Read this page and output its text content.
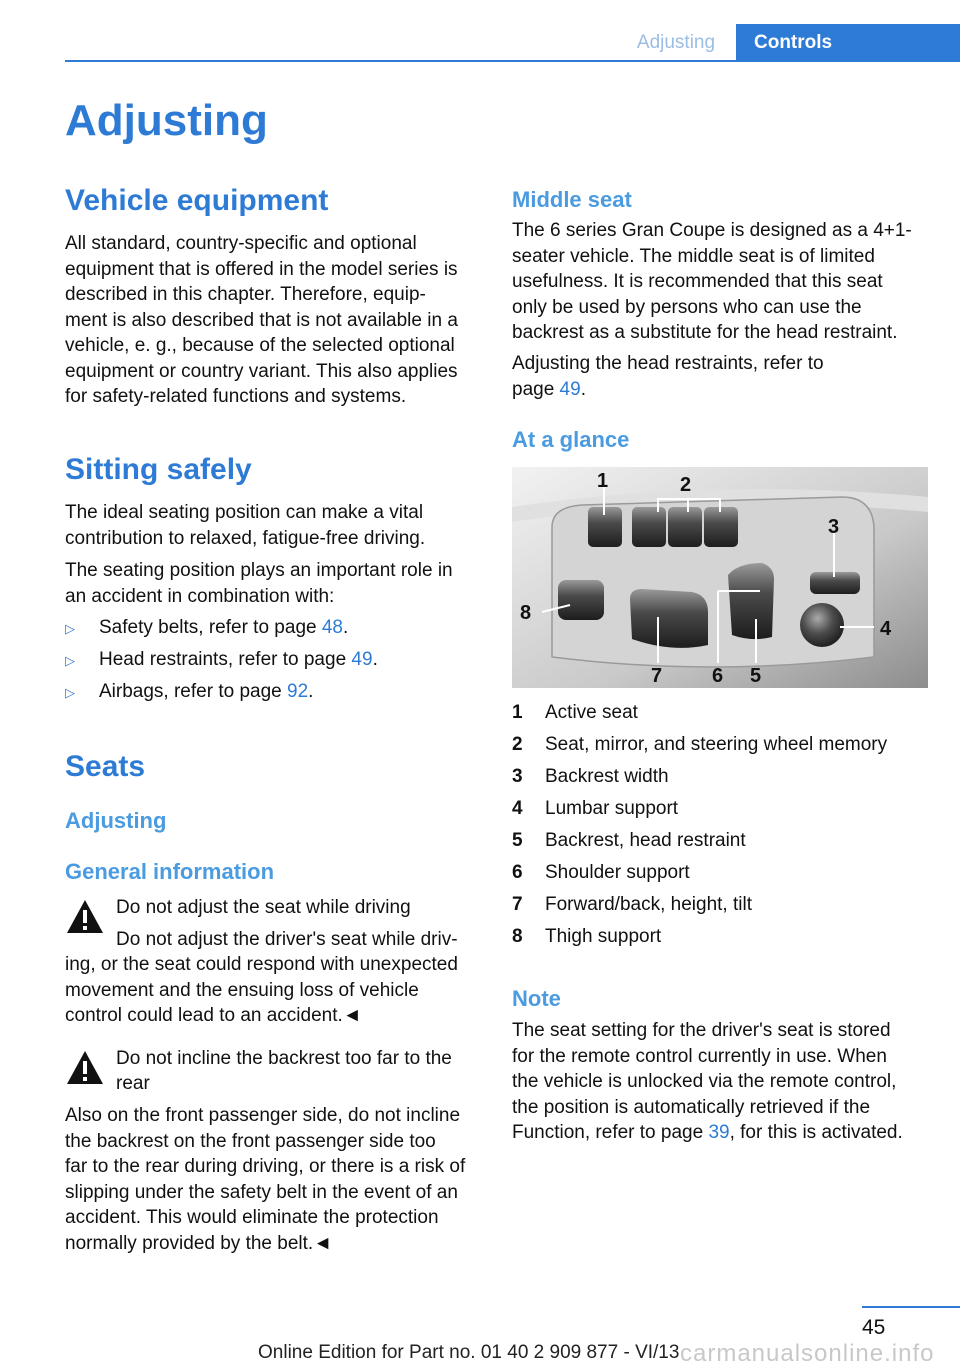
Adjusting	Controls
Adjusting
Vehicle equipment

All standard, country-specific and optional

equipment that is offered in the model series is

described in this chapter. Therefore, equip‐

ment is also described that is not available in a

vehicle, e. g., because of the selected optional

equipment or country variant. This also applies

for safety-related functions and systems.

Sitting safely

The ideal seating position can make a vital

contribution to relaxed, fatigue-free driving.

The seating position plays an important role in

an accident in combination with:

▷	Safety belts, refer to page 48.
▷	Head restraints, refer to page 49.
▷	Airbags, refer to page 92.
Seats
Adjusting
General information
Do not adjust the seat while driving
Do not adjust the driver's seat while driv‐

ing, or the seat could respond with unexpected

movement and the ensuing loss of vehicle

control could lead to an accident.◄

Do not incline the backrest too far to the
rear

Also on the front passenger side, do not incline

the backrest on the front passenger side too

far to the rear during driving, or there is a risk of

slipping under the safety belt in the event of an

accident. This would eliminate the protection

normally provided by the belt.◄

Middle seat

The 6 series Gran Coupe is designed as a 4+1-

seater vehicle. The middle seat is of limited

usefulness. It is recommended that this seat

only be used by persons who can use the

backrest as a substitute for the head restraint.

Adjusting the head restraints, refer to

page 49.

At a glance
1	2
3
4
5
6
7
8
1	Active seat
2	Seat, mirror, and steering wheel memory
3	Backrest width
4	Lumbar support
5	Backrest, head restraint
6	Shoulder support
7	Forward/back, height, tilt
8	Thigh support
Note

The seat setting for the driver's seat is stored

for the remote control currently in use. When

the vehicle is unlocked via the remote control,

the position is automatically retrieved if the

Function, refer to page 39, for this is activated.

45
Online Edition for Part no. 01 40 2 909 877 - VI/13 carmanualsonline.info
